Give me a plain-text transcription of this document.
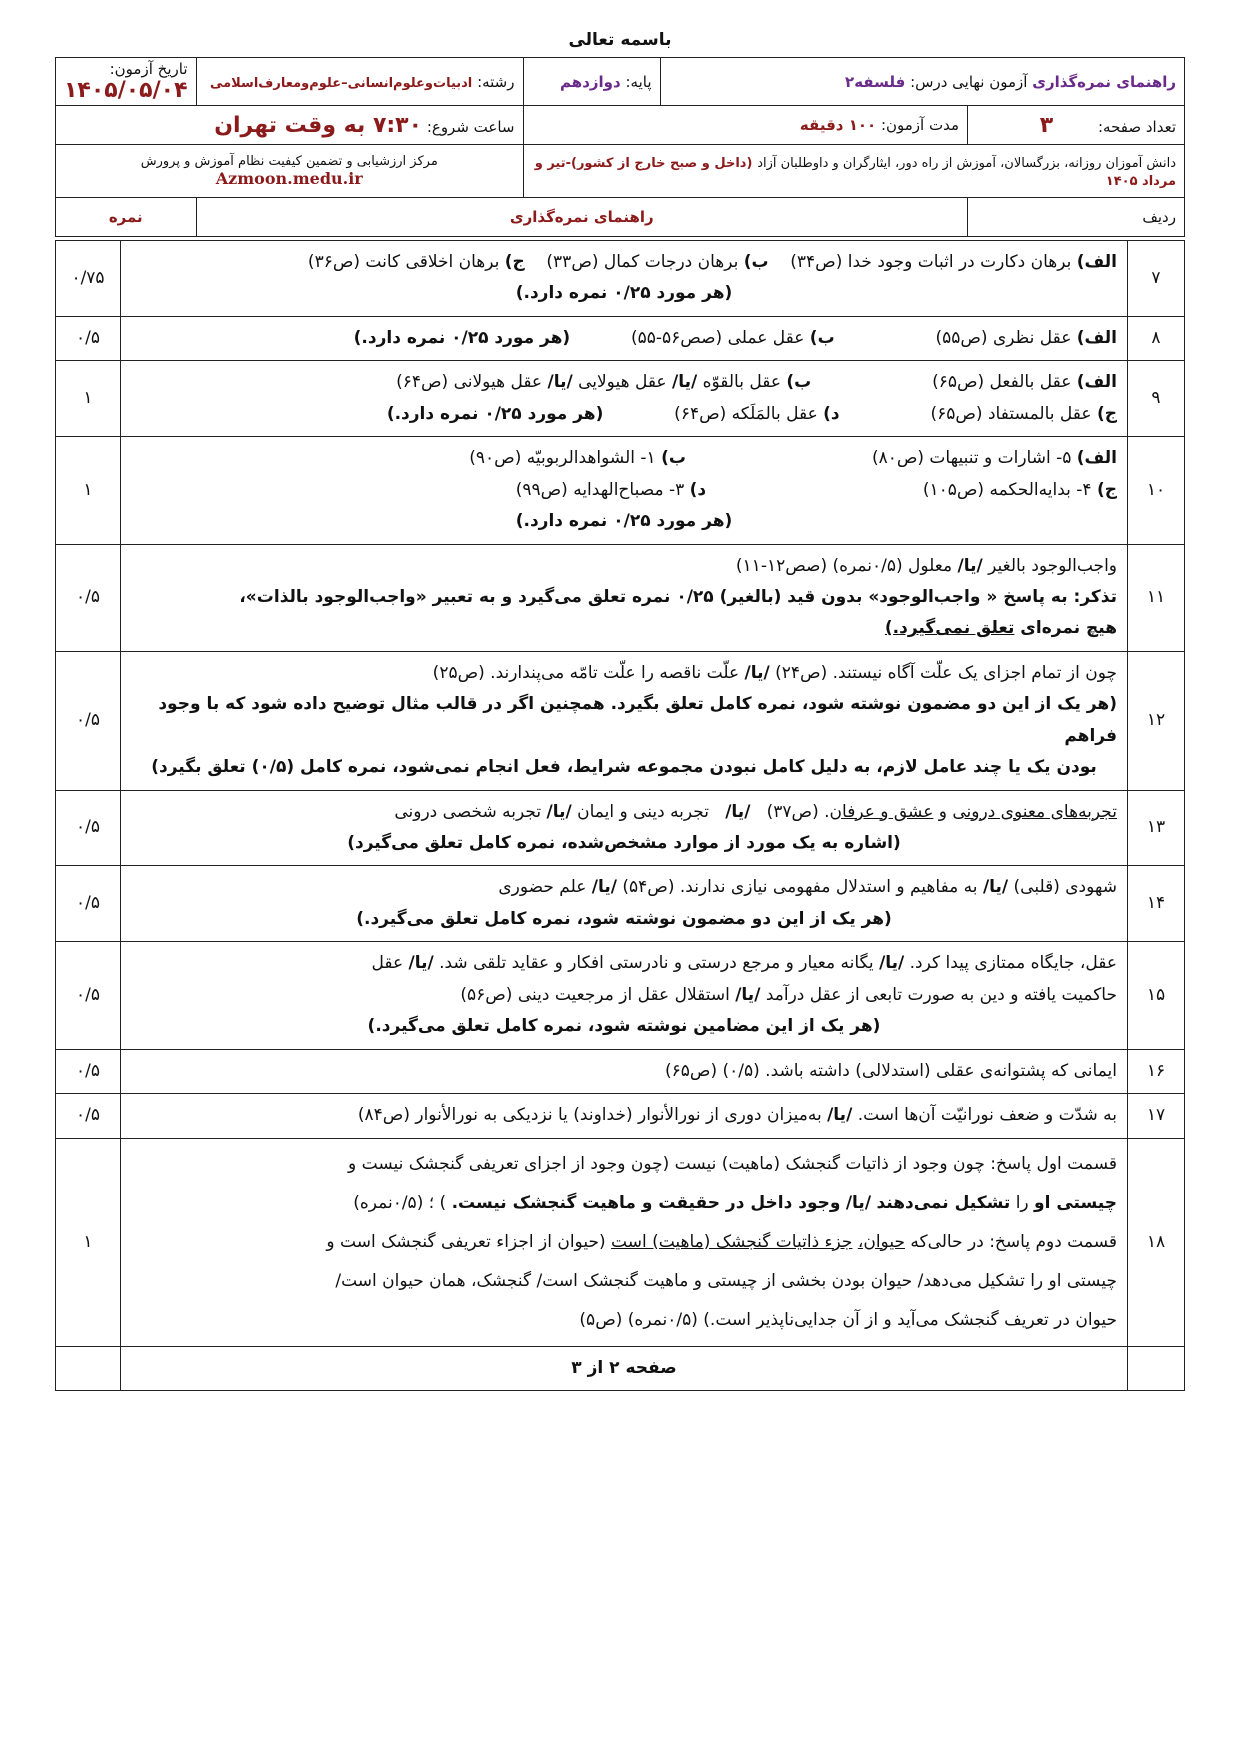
باسمه تعالی
راهنمای نمره‌گذاری آزمون نهایی درس: فلسفه۲		پایه: دوازدهم	رشته: ادبیات‌وعلوم‌انسانی–علوم‌ومعارف‌اسلامی	تاریخ آزمون: ۱۴۰۵/۰۵/۰۴
تعداد صفحه: ۳	مدت آزمون: ۱۰۰ دقیقه		ساعت شروع: ۷:۳۰ به وقت تهران	
دانش آموزان روزانه، بزرگسالان، آموزش از راه دور، ایثارگران و داوطلبان آزاد (داخل و صبح خارج از کشور)-تیر و مرداد ۱۴۰۵			مرکز ارزشیابی و تضمین کیفیت نظام آموزش و پرورش
Azmoon.medu.ir	

ردیف	راهنمای نمره‌گذاری			نمره
۷	الف) برهان دکارت در اثبات وجود خدا (ص۳۴)    ب) برهان درجات کمال (ص۳۳)    ج) برهان اخلاقی کانت (ص۳۶)
(هر مورد ۰/۲۵ نمره دارد.)	۰/۷۵
۸	الف) عقل نظری (ص۵۵)  ب) عقل عملی (صص۵۶-۵۵)  (هر مورد ۰/۲۵ نمره دارد.)	۰/۵
۹	الف) عقل بالفعل (ص۶۵)  ب) عقل بالقوّه /یا/ عقل هیولایی /یا/ عقل هیولانی (ص۶۴)
ج) عقل بالمستفاد (ص۶۵)  د) عقل بالمَلَکه (ص۶۴)  (هر مورد ۰/۲۵ نمره دارد.)	۱
۱۰	الف) ۵- اشارات و تنبیهات (ص۸۰) ب) ۱- الشواهدالربوبیّه (ص۹۰)
ج) ۴- بدایه‌الحکمه (ص۱۰۵) د) ۳- مصباح‌الهدایه (ص۹۹)
(هر مورد ۰/۲۵ نمره دارد.)	۱
۱۱	واجب‌الوجود بالغیر /یا/ معلول (۰/۵نمره) (صص۱۲-۱۱)
تذکر: به پاسخ « واجب‌الوجود» بدون قید (بالغیر) ۰/۲۵ نمره تعلق می‌گیرد و به تعبیر «واجب‌الوجود بالذات»،
هیچ نمره‌ای تعلق نمی‌گیرد.)	۰/۵
۱۲	چون از تمام اجزای یک علّت آگاه نیستند. (ص۲۴) /یا/ علّت ناقصه را علّت تامّه می‌پندارند. (ص۲۵)
(هر یک از این دو مضمون نوشته شود، نمره کامل تعلق بگیرد. همچنین اگر در قالب مثال توضیح داده شود که با وجود فراهم
بودن یک یا چند عامل لازم، به دلیل کامل نبودن مجموعه شرایط، فعل انجام نمی‌شود، نمره کامل (۰/۵) تعلق بگیرد)	۰/۵
۱۳	تجربه‌های معنوی درونی و عشق و عرفان. (ص۳۷)   /یا/   تجربه دینی و ایمان /یا/ تجربه شخصی درونی
(اشاره به یک مورد از موارد مشخص‌شده، نمره کامل تعلق می‌گیرد)	۰/۵
۱۴	شهودی (قلبی) /یا/ به مفاهیم و استدلال مفهومی نیازی ندارند. (ص۵۴) /یا/ علم حضوری
(هر یک از این دو مضمون نوشته شود، نمره کامل تعلق می‌گیرد.)	۰/۵
۱۵	عقل، جایگاه ممتازی پیدا کرد. /یا/ یگانه معیار و مرجع درستی و نادرستی افکار و عقاید تلقی شد. /یا/ عقل
حاکمیت یافته و دین به صورت تابعی از عقل درآمد /یا/ استقلال عقل از مرجعیت دینی (ص۵۶)
(هر یک از این مضامین نوشته شود، نمره کامل تعلق می‌گیرد.)	۰/۵
۱۶	ایمانی که پشتوانه‌ی عقلی (استدلالی) داشته باشد. (۰/۵) (ص۶۵)	۰/۵
۱۷	به شدّت و ضعف نورانیّت آن‌ها است. /یا/ به‌میزان دوری از نورالأنوار (خداوند) یا نزدیکی به نورالأنوار (ص۸۴)	۰/۵
۱۸	قسمت اول پاسخ: چون وجود از ذاتیات گنجشک (ماهیت) نیست (چون وجود از اجزای تعریفی گنجشک نیست و
چیستی او را تشکیل نمی‌دهند /یا/ وجود داخل در حقیقت و ماهیت گنجشک نیست. ) ؛ (۰/۵نمره)
قسمت دوم پاسخ: در حالی‌که حیوان، جزء ذاتیات گنجشک (ماهیت) است (حیوان از اجزاء تعریفی گنجشک است و
چیستی او را تشکیل می‌دهد/ حیوان بودن بخشی از چیستی و ماهیت گنجشک است/ گنجشک، همان حیوان است/
حیوان در تعریف گنجشک می‌آید و از آن جدایی‌ناپذیر است.) (۰/۵نمره) (ص۵)	۱
	صفحه ۲ از ۳	
